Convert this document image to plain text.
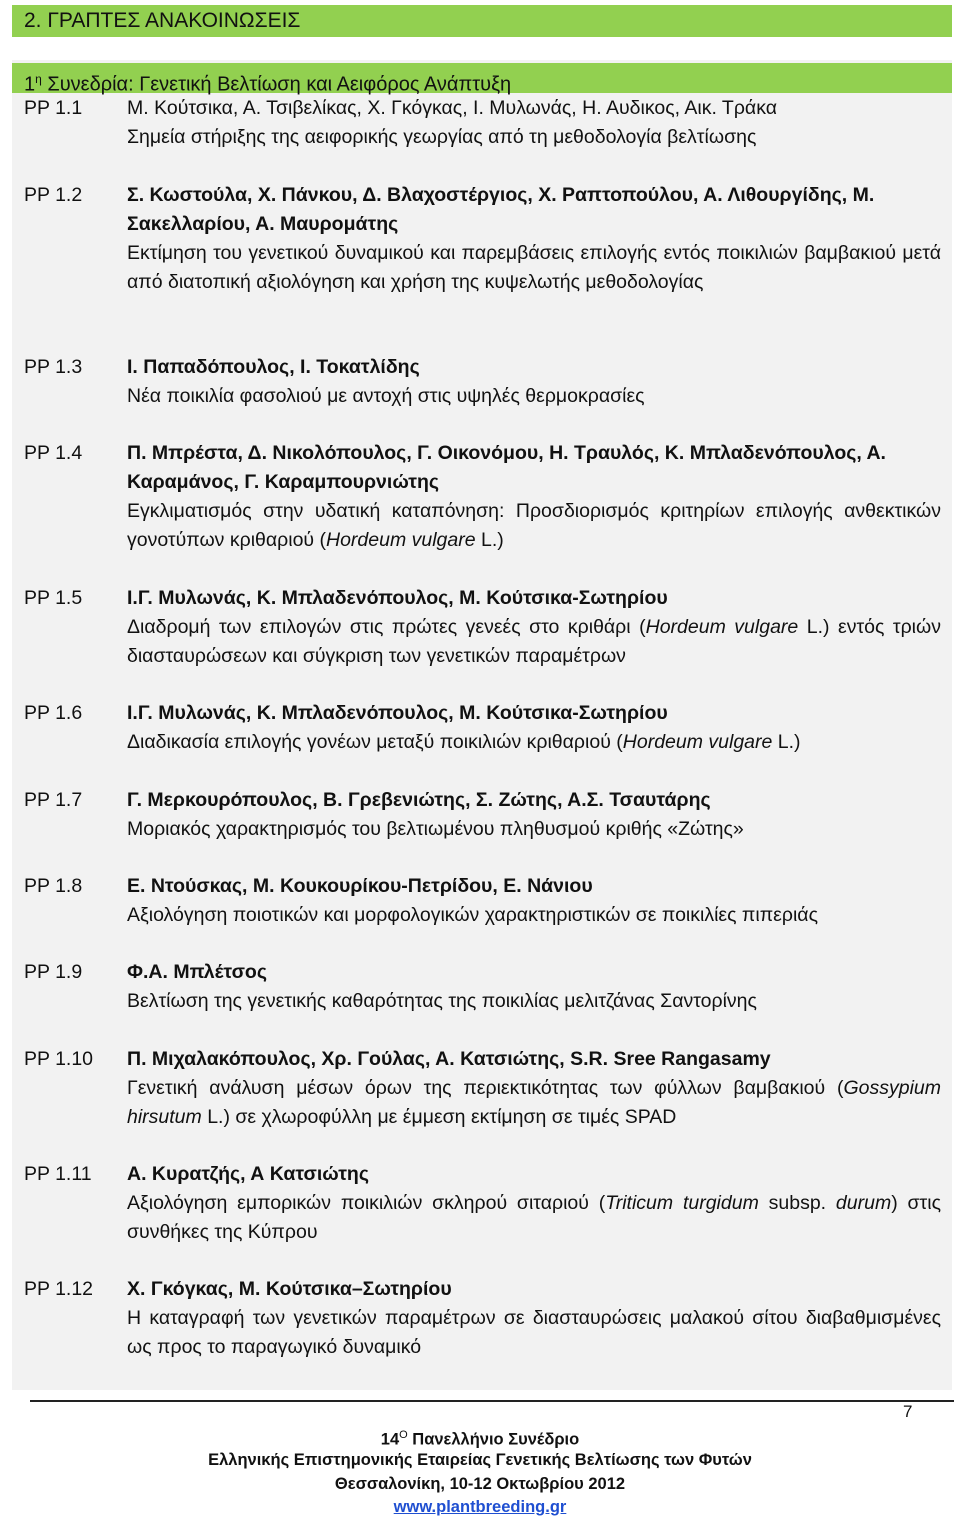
2. ΓΡΑΠΤΕΣ ΑΝΑΚΟΙΝΩΣΕΙΣ
$1^\eta$ Συνεδρία: Γενετική Βελτίωση και Αειφόρος Ανάπτυξη
PP 1.1 Μ. Κούτσικα, Α. Τσιβελίκας, Χ. Γκόγκας, Ι. Μυλωνάς, Η. Αυδικος, Αικ. Τράκα
Σημεία στήριξης της αειφορικής γεωργίας από τη μεθοδολογία βελτίωσης
PP 1.2 Σ. Κωστούλα, Χ. Πάνκου, Δ. Βλαχοστέργιος, Χ. Ραπτοπούλου, Α. Λιθουργίδης, Μ. Σακελλαρίου, Α. Μαυρομάτης
Εκτίμηση του γενετικού δυναμικού και παρεμβάσεις επιλογής εντός ποικιλιών βαμβακιού μετά από διατοπική αξιολόγηση και χρήση της κυψελωτής μεθοδολογίας
PP 1.3 Ι. Παπαδόπουλος, Ι. Τοκατλίδης
Νέα ποικιλία φασολιού με αντοχή στις υψηλές θερμοκρασίες
PP 1.4 Π. Μπρέστα, Δ. Νικολόπουλος, Γ. Οικονόμου, Η. Τραυλός, Κ. Μπλαδενόπουλος, Α. Καραμάνος, Γ. Καραμπουρνιώτης
Εγκλιματισμός στην υδατική καταπόνηση: Προσδιορισμός κριτηρίων επιλογής ανθεκτικών γονοτύπων κριθαριού (Hordeum vulgare L.)
PP 1.5 Ι.Γ. Μυλωνάς, Κ. Μπλαδενόπουλος, Μ. Κούτσικα-Σωτηρίου
Διαδρομή των επιλογών στις πρώτες γενεές στο κριθάρι (Hordeum vulgare L.) εντός τριών διασταυρώσεων και σύγκριση των γενετικών παραμέτρων
PP 1.6 Ι.Γ. Μυλωνάς, Κ. Μπλαδενόπουλος, Μ. Κούτσικα-Σωτηρίου
Διαδικασία επιλογής γονέων μεταξύ ποικιλιών κριθαριού (Hordeum vulgare L.)
PP 1.7 Γ. Μερκουρόπουλος, Β. Γρεβενιώτης, Σ. Ζώτης, Α.Σ. Τσαυτάρης
Μοριακός χαρακτηρισμός του βελτιωμένου πληθυσμού κριθής «Ζώτης»
PP 1.8 Ε. Ντούσκας, Μ. Κουκουρίκου-Πετρίδου, Ε. Νάνιου
Αξιολόγηση ποιοτικών και μορφολογικών χαρακτηριστικών σε ποικιλίες πιπεριάς
PP 1.9 Φ.Α. Μπλέτσος
Βελτίωση της γενετικής καθαρότητας της ποικιλίας μελιτζάνας Σαντορίνης
PP 1.10 Π. Μιχαλακόπουλος, Χρ. Γούλας, Α. Κατσιώτης, S.R. Sree Rangasamy
Γενετική ανάλυση μέσων όρων της περιεκτικότητας των φύλλων βαμβακιού (Gossypium hirsutum L.) σε χλωροφύλλη με έμμεση εκτίμηση σε τιμές SPAD
PP 1.11 Α. Κυρατζής, Α Κατσιώτης
Αξιολόγηση εμπορικών ποικιλιών σκληρού σιταριού (Triticum turgidum subsp. durum) στις συνθήκες της Κύπρου
PP 1.12 Χ. Γκόγκας, Μ. Κούτσικα–Σωτηρίου
Η καταγραφή των γενετικών παραμέτρων σε διασταυρώσεις μαλακού σίτου διαβαθμισμένες ως προς το παραγωγικό δυναμικό
7
$14^O$ Πανελλήνιο Συνέδριο
Ελληνικής Επιστημονικής Εταιρείας Γενετικής Βελτίωσης των Φυτών
Θεσσαλονίκη, 10-12 Οκτωβρίου 2012
www.plantbreeding.gr
